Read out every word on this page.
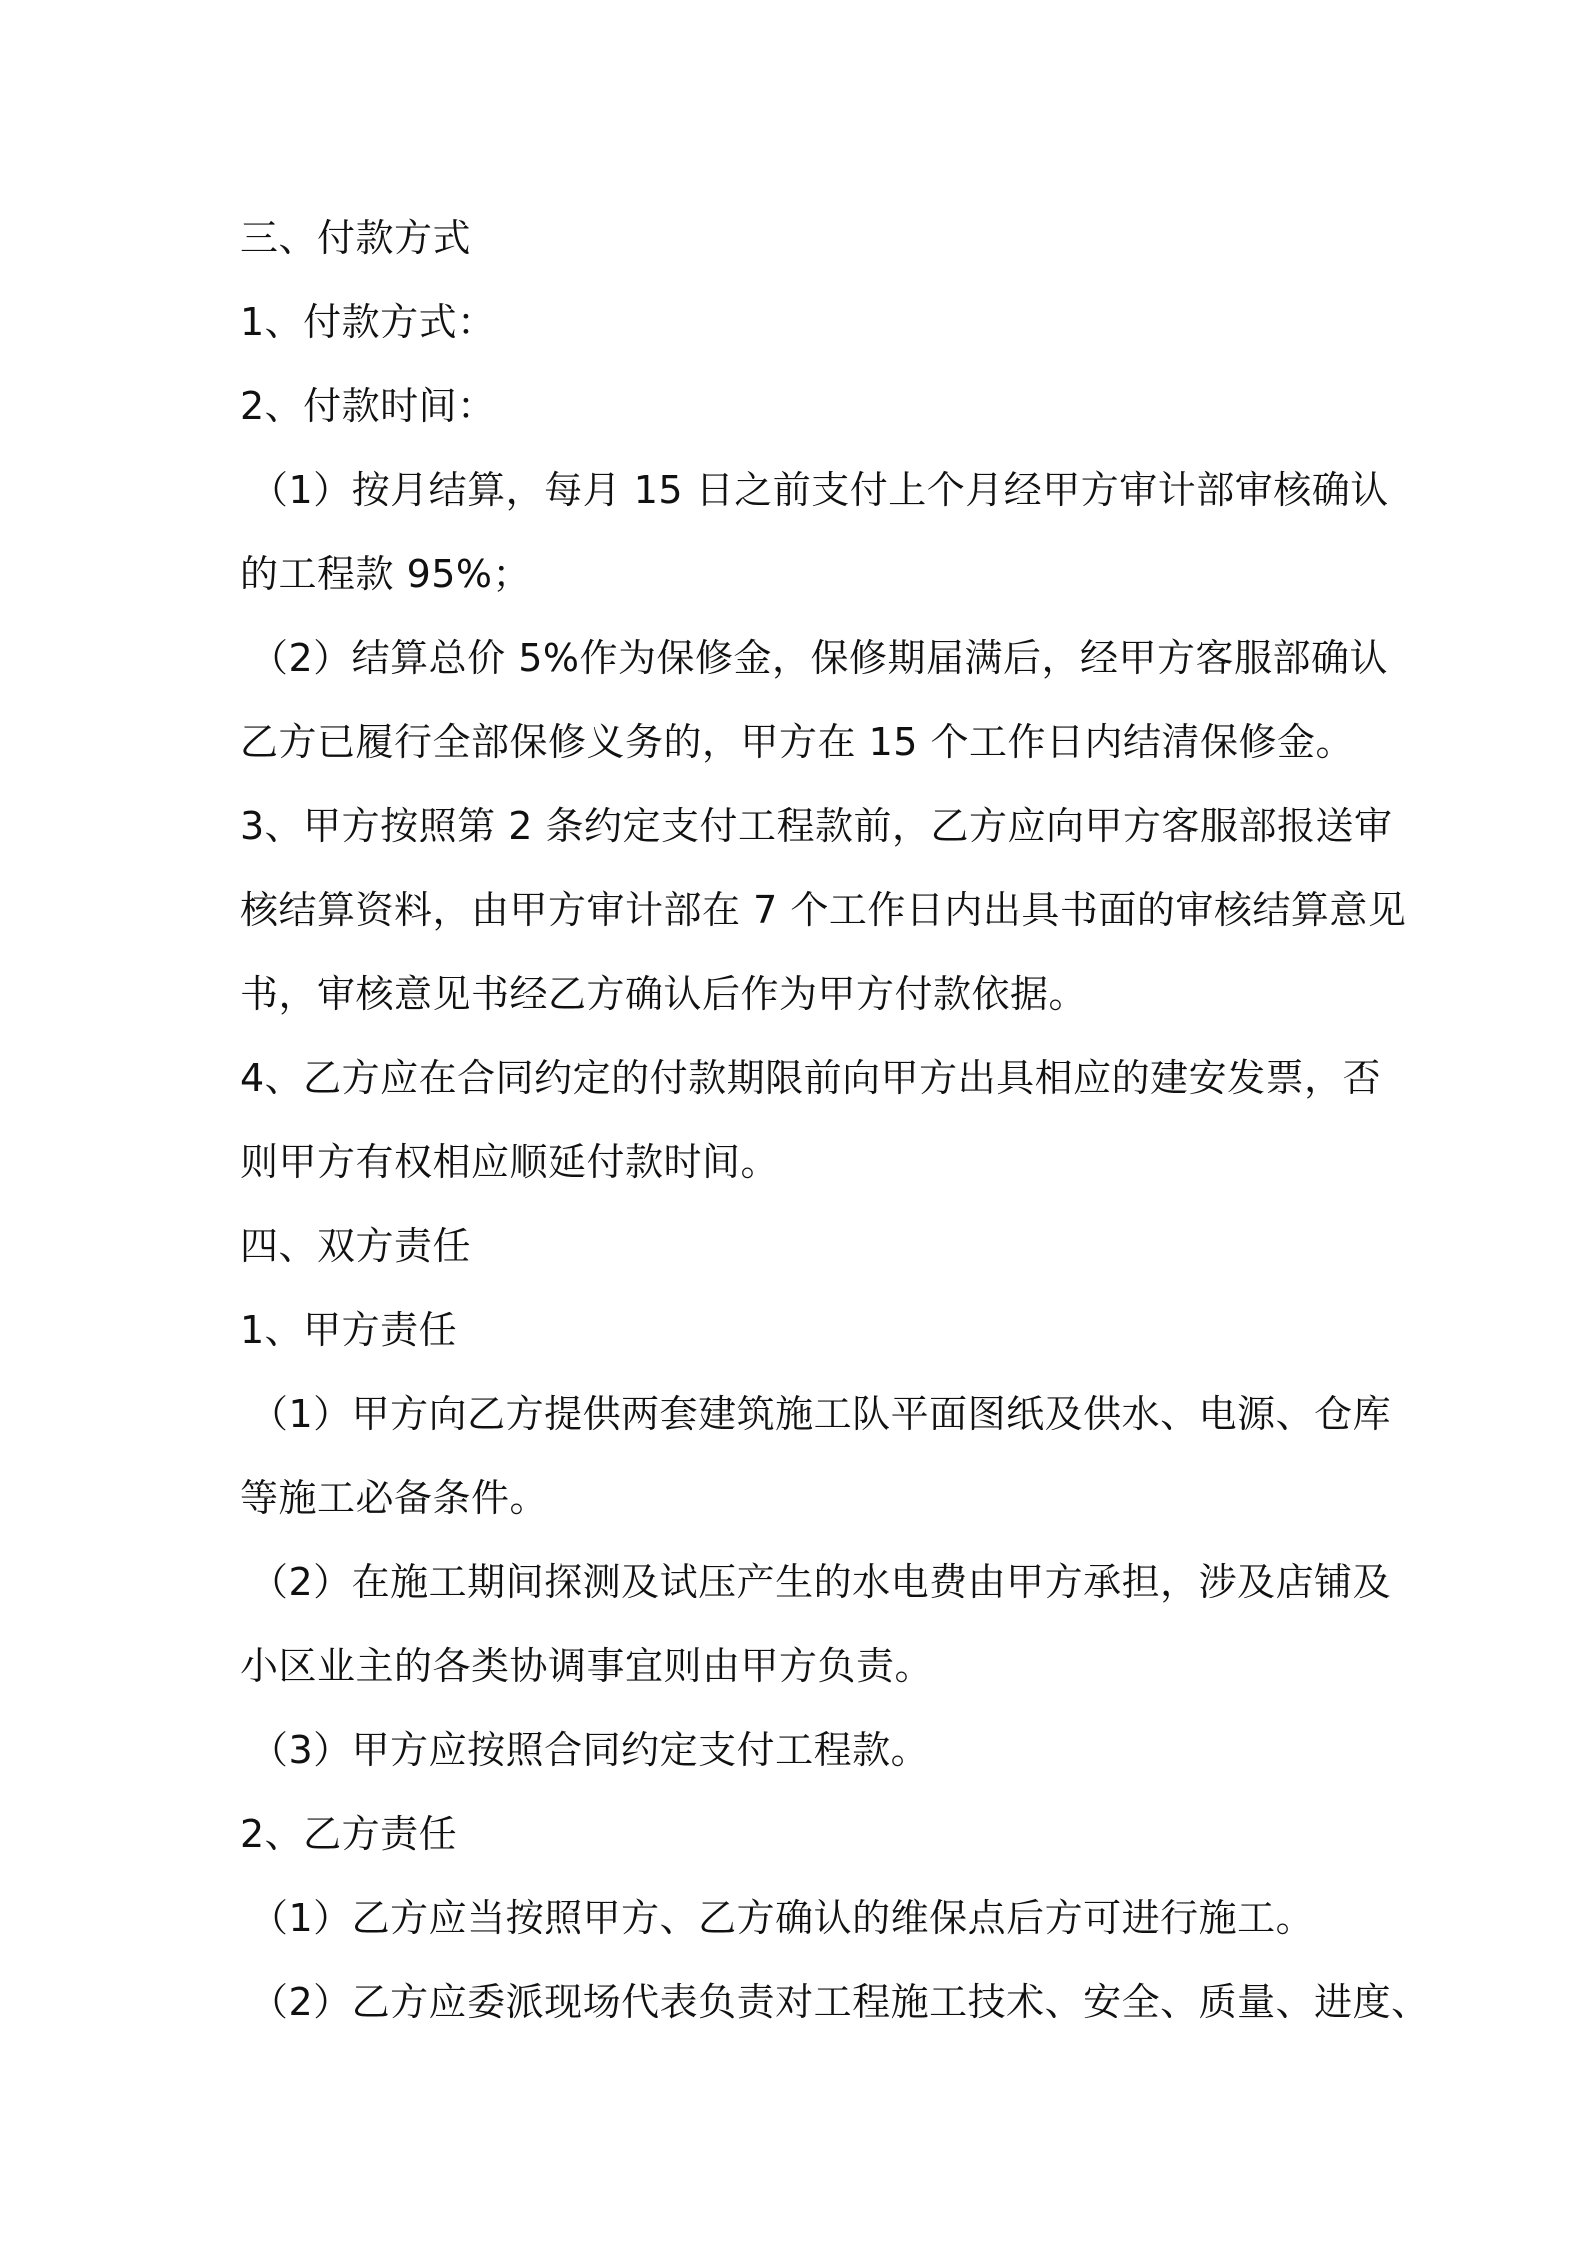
三、付款方式
1、付款方式：
2、付款时间：
（1）按月结算，每月 15 日之前支付上个月经甲方审计部审核确认
的工程款 95%；
（2）结算总价 5%作为保修金，保修期届满后，经甲方客服部确认
乙方已履行全部保修义务的，甲方在 15 个工作日内结清保修金。
3、甲方按照第 2 条约定支付工程款前，乙方应向甲方客服部报送审
核结算资料，由甲方审计部在 7 个工作日内出具书面的审核结算意见
书，审核意见书经乙方确认后作为甲方付款依据。
4、乙方应在合同约定的付款期限前向甲方出具相应的建安发票，否
则甲方有权相应顺延付款时间。
四、双方责任
1、甲方责任
（1）甲方向乙方提供两套建筑施工队平面图纸及供水、电源、仓库
等施工必备条件。
（2）在施工期间探测及试压产生的水电费由甲方承担，涉及店铺及
小区业主的各类协调事宜则由甲方负责。
（3）甲方应按照合同约定支付工程款。
2、乙方责任
（1）乙方应当按照甲方、乙方确认的维保点后方可进行施工。
（2）乙方应委派现场代表负责对工程施工技术、安全、质量、进度、
